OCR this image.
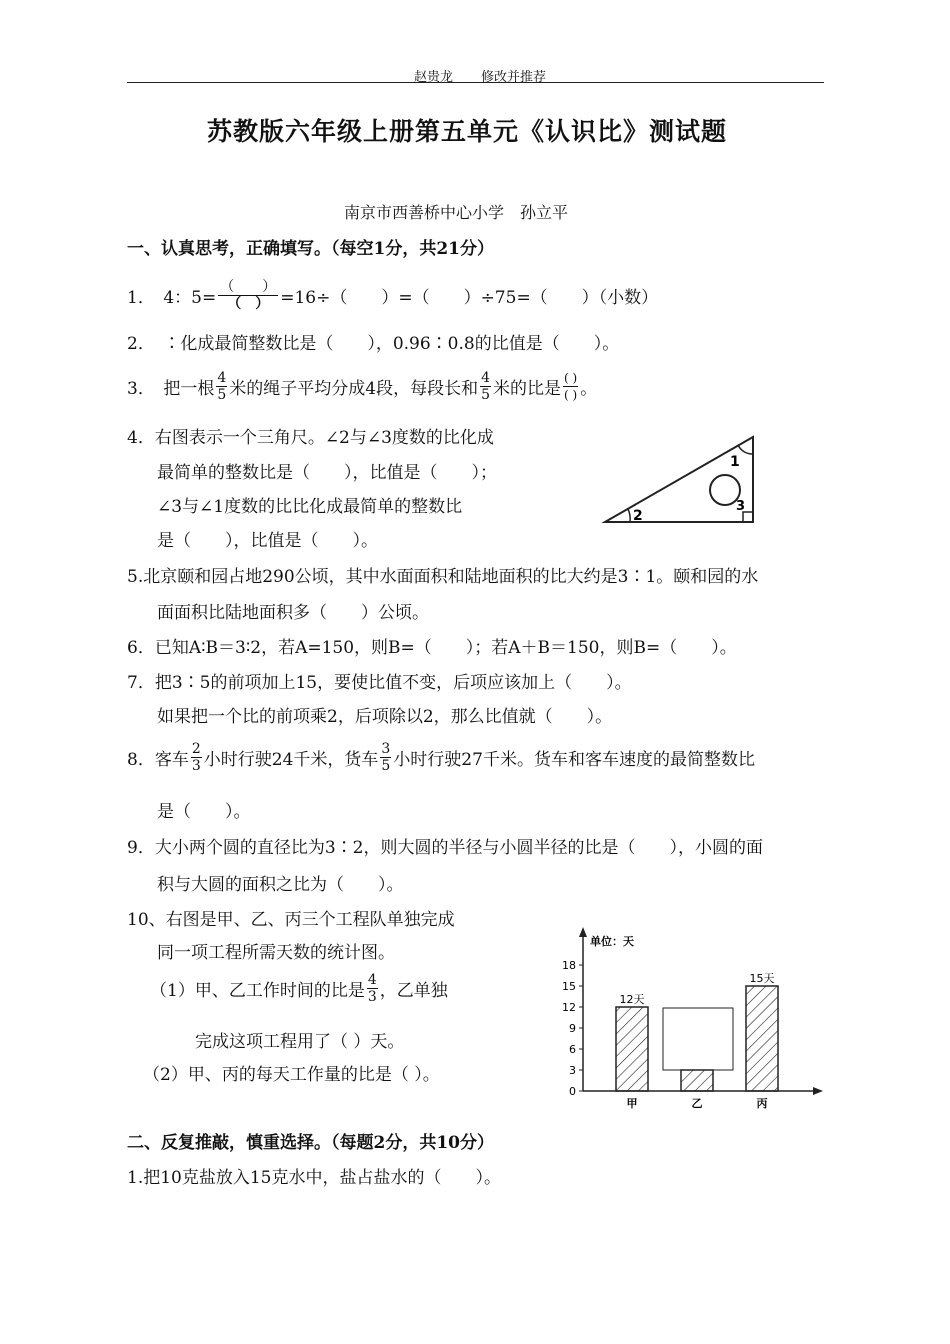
赵贵龙 修改并推荐
苏教版六年级上册第五单元《认识比》测试题
南京市西善桥中心小学　孙立平
一、认真思考，正确填写。（每空1分，共21分）
1．　4：$5= \frac{( )}{( )} =16\div$（　　）=（　　）÷75=（　　）（小数）
2．　∶化成最简整数比是（　　），0.96∶0.8的比值是（　　）。
3．　把一根 $\frac{4}{5}$ 米的绳子平均分成4段，每段长和 $\frac{4}{5}$ 米的比是 $\frac{( )}{( )}$ 。
4．右图表示一个三角尺。∠2与∠3度数的比化成
最简单的整数比是（　　），比值是（　　）；
∠3与∠1度数的比比化成最简单的整数比
是（　　），比值是（　　）。
1
2
3
5.北京颐和园占地290公顷，其中水面面积和陆地面积的比大约是3∶1。颐和园的水
面面积比陆地面积多（　　）公顷。
6．已知A∶B＝3∶2，若A=150，则B=（　　）；若A＋B＝150，则B=（　　）。
7．把3∶5的前项加上15，要使比值不变，后项应该加上（　　）。
如果把一个比的前项乘2，后项除以2，那么比值就（　　）。
8．客车 $\frac{2}{3}$ 小时行驶24千米，货车 $\frac{3}{5}$ 小时行驶27千米。货车和客车速度的最简整数比
是（　　）。
9．大小两个圆的直径比为3∶2，则大圆的半径与小圆半径的比是（　　），小圆的面
积与大圆的面积之比为（　　）。
10、右图是甲、乙、丙三个工程队单独完成
同一项工程所需天数的统计图。
（1）甲、乙工作时间的比是 $\frac{4}{3}$ ，乙单独
完成这项工程用了（ ）天。
（2）甲、丙的每天工作量的比是（ ）。
单位：天
0
3
6
9
12
15
18
甲
12天
乙	丙
15天
二、反复推敲，慎重选择。（每题2分，共10分）
1.把10克盐放入15克水中，盐占盐水的（　　）。
